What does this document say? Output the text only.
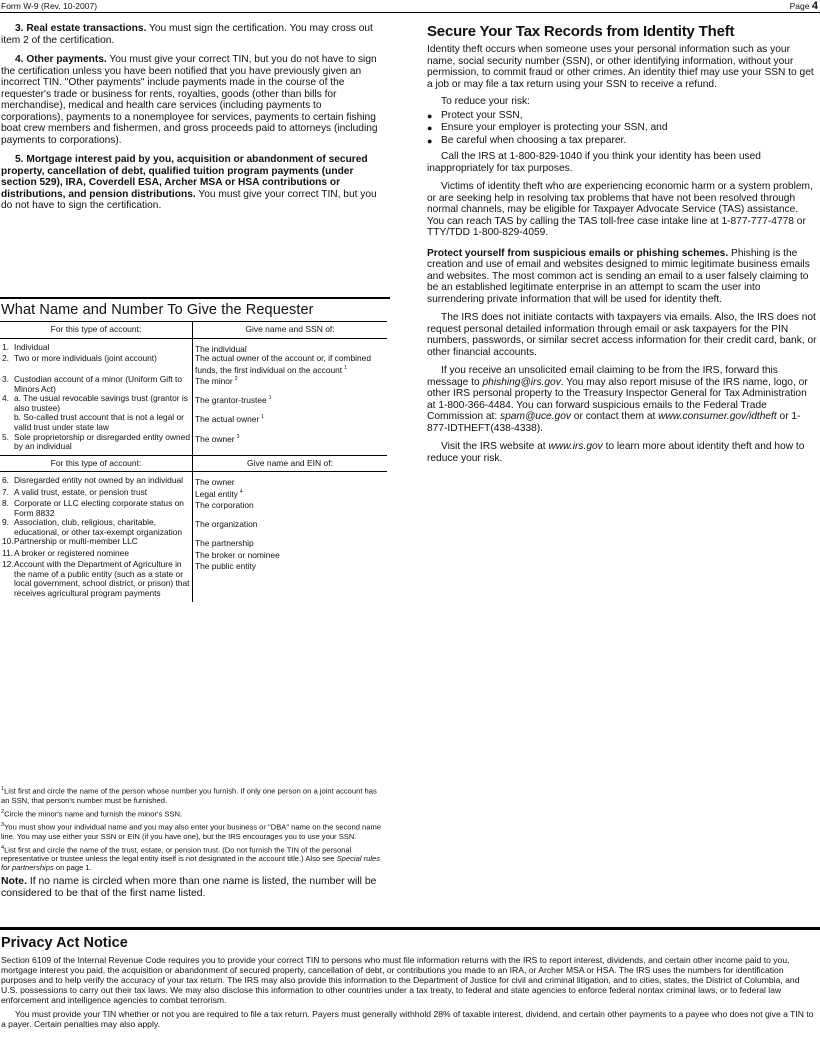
Form W-9 (Rev. 10-2007)	Page 4

3. Real estate transactions. You must sign the certification. You may cross out item 2 of the certification.

4. Other payments. You must give your correct TIN, but you do not have to sign the certification unless you have been notified that you have previously given an incorrect TIN. "Other payments" include payments made in the course of the requester's trade or business for rents, royalties, goods (other than bills for merchandise), medical and health care services (including payments to corporations), payments to a nonemployee for services, payments to certain fishing boat crew members and fishermen, and gross proceeds paid to attorneys (including payments to corporations).

5. Mortgage interest paid by you, acquisition or abandonment of secured property, cancellation of debt, qualified tuition program payments (under section 529), IRA, Coverdell ESA, Archer MSA or HSA contributions or distributions, and pension distributions. You must give your correct TIN, but you do not have to sign the certification.

What Name and Number To Give the Requester
For this type of account:		Give name and SSN of:
1.	Individual	The individual
2.	Two or more individuals (joint account)	The actual owner of the account or, if combined funds, the first individual on the account $^1$
3.	Custodian account of a minor (Uniform Gift to Minors Act)	The minor $^2$
4.	a. The usual revocable savings trust (grantor is also trustee)	The grantor-trustee $^1$
	b. So-called trust account that is not a legal or valid trust under state law	The actual owner $^1$
5.	Sole proprietorship or disregarded entity owned by an individual	The owner $^3$

For this type of account:		Give name and EIN of:
6.	Disregarded entity not owned by an individual	The owner
7.	A valid trust, estate, or pension trust	Legal entity $^4$
8.	Corporate or LLC electing corporate status on Form 8832	The corporation
9.	Association, club, religious, charitable, educational, or other tax-exempt organization	The organization
10.	Partnership or multi-member LLC	The partnership
11.	A broker or registered nominee	The broker or nominee
12.	Account with the Department of Agriculture in the name of a public entity (such as a state or local government, school district, or prison) that receives agricultural program payments	The public entity

$^1$List first and circle the name of the person whose number you furnish. If only one person on a joint account has an SSN, that person's number must be furnished.
$^2$Circle the minor's name and furnish the minor's SSN.
$^3$You must show your individual name and you may also enter your business or "DBA" name on the second name line. You may use either your SSN or EIN (if you have one), but the IRS encourages you to use your SSN.
$^4$List first and circle the name of the trust, estate, or pension trust. (Do not furnish the TIN of the personal representative or trustee unless the legal entity itself is not designated in the account title.) Also see Special rules for partnerships on page 1.

Note. If no name is circled when more than one name is listed, the number will be considered to be that of the first name listed.

Secure Your Tax Records from Identity Theft

Identity theft occurs when someone uses your personal information such as your name, social security number (SSN), or other identifying information, without your permission, to commit fraud or other crimes. An identity thief may use your SSN to get a job or may file a tax return using your SSN to receive a refund.

To reduce your risk:

● Protect your SSN,
● Ensure your employer is protecting your SSN, and
● Be careful when choosing a tax preparer.

Call the IRS at 1-800-829-1040 if you think your identity has been used inappropriately for tax purposes.

Victims of identity theft who are experiencing economic harm or a system problem, or are seeking help in resolving tax problems that have not been resolved through normal channels, may be eligible for Taxpayer Advocate Service (TAS) assistance. You can reach TAS by calling the TAS toll-free case intake line at 1-877-777-4778 or TTY/TDD 1-800-829-4059.

Protect yourself from suspicious emails or phishing schemes. Phishing is the creation and use of email and websites designed to mimic legitimate business emails and websites. The most common act is sending an email to a user falsely claiming to be an established legitimate enterprise in an attempt to scam the user into surrendering private information that will be used for identity theft.

The IRS does not initiate contacts with taxpayers via emails. Also, the IRS does not request personal detailed information through email or ask taxpayers for the PIN numbers, passwords, or similar secret access information for their credit card, bank, or other financial accounts.

If you receive an unsolicited email claiming to be from the IRS, forward this message to phishing@irs.gov. You may also report misuse of the IRS name, logo, or other IRS personal property to the Treasury Inspector General for Tax Administration at 1-800-366-4484. You can forward suspicious emails to the Federal Trade Commission at: spam@uce.gov or contact them at www.consumer.gov/idtheft or 1-877-IDTHEFT(438-4338).

Visit the IRS website at www.irs.gov to learn more about identity theft and how to reduce your risk.

Privacy Act Notice

Section 6109 of the Internal Revenue Code requires you to provide your correct TIN to persons who must file information returns with the IRS to report interest, dividends, and certain other income paid to you, mortgage interest you paid, the acquisition or abandonment of secured property, cancellation of debt, or contributions you made to an IRA, or Archer MSA or HSA. The IRS uses the numbers for identification purposes and to help verify the accuracy of your tax return. The IRS may also provide this information to the Department of Justice for civil and criminal litigation, and to cities, states, the District of Columbia, and U.S. possessions to carry out their tax laws. We may also disclose this information to other countries under a tax treaty, to federal and state agencies to enforce federal nontax criminal laws, or to federal law enforcement and intelligence agencies to combat terrorism.

You must provide your TIN whether or not you are required to file a tax return. Payers must generally withhold 28% of taxable interest, dividend, and certain other payments to a payee who does not give a TIN to a payer. Certain penalties may also apply.
